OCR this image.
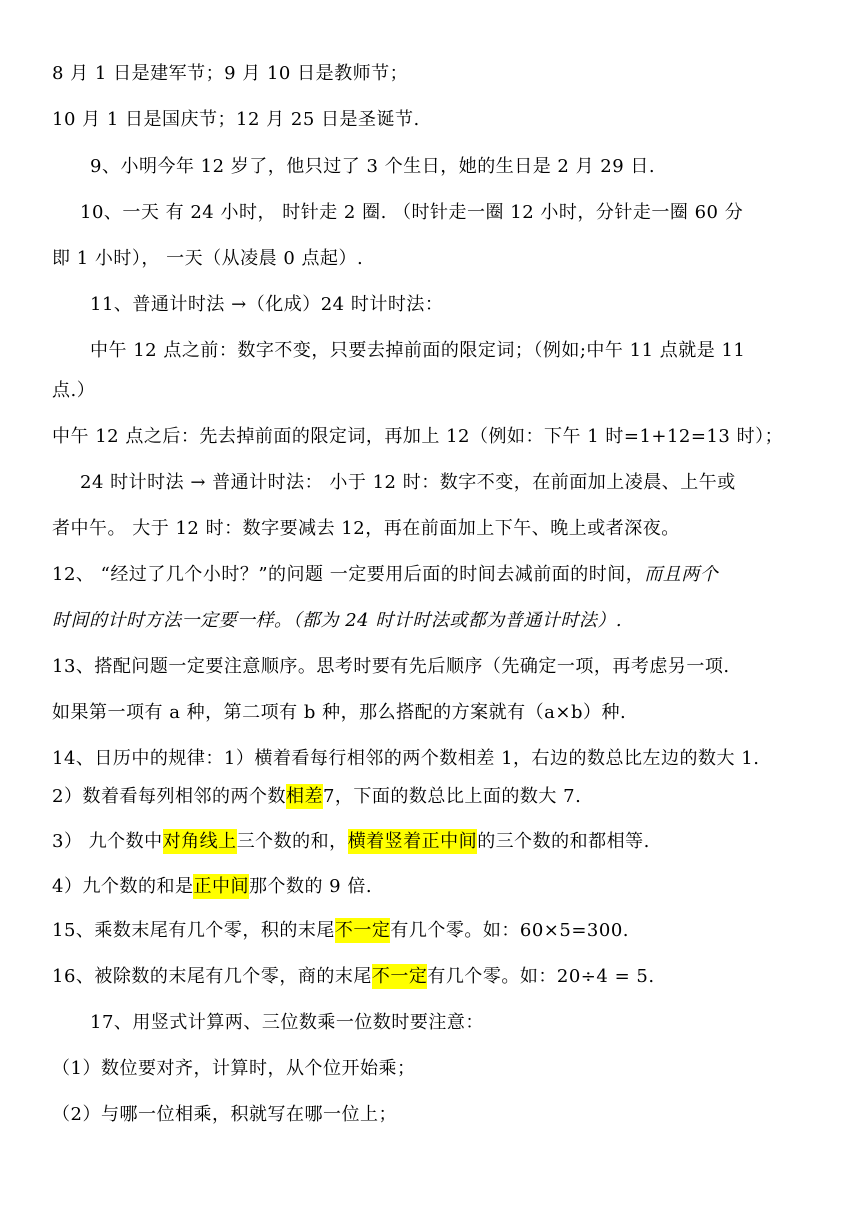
8 月 1 日是建军节；9 月 10 日是教师节；
10 月 1 日是国庆节；12 月 25 日是圣诞节.
9、小明今年 12 岁了，他只过了 3 个生日，她的生日是 2 月 29 日.
10、一天 有 24 小时， 时针走 2 圈. （时针走一圈 12 小时，分针走一圈 60 分
即 1 小时）， 一天（从凌晨 0 点起）.
11、普通计时法 →（化成）24 时计时法：
中午 12 点之前：数字不变，只要去掉前面的限定词；（例如;中午 11 点就是 11
点.）
中午 12 点之后：先去掉前面的限定词，再加上 12（例如：下午 1 时=1+12=13 时）；
24 时计时法 → 普通计时法： 小于 12 时：数字不变，在前面加上凌晨、上午或
者中午。 大于 12 时：数字要减去 12，再在前面加上下午、晚上或者深夜。
12、 “经过了几个小时？”的问题 一定要用后面的时间去减前面的时间，而且两个
时间的计时方法一定要一样。（都为 24 时计时法或都为普通计时法）.
13、搭配问题一定要注意顺序。思考时要有先后顺序（先确定一项，再考虑另一项.
如果第一项有 a 种，第二项有 b 种，那么搭配的方案就有（a×b）种.
14、日历中的规律：1）横着看每行相邻的两个数相差 1，右边的数总比左边的数大 1.
2）数着看每列相邻的两个数相差7，下面的数总比上面的数大 7.
3） 九个数中对角线上三个数的和，横着竖着正中间的三个数的和都相等.
4）九个数的和是正中间那个数的 9 倍.
15、乘数末尾有几个零，积的末尾不一定有几个零。如：60×5=300.
16、被除数的末尾有几个零，商的末尾不一定有几个零。如：20÷4 = 5.
17、用竖式计算两、三位数乘一位数时要注意：
（1）数位要对齐，计算时，从个位开始乘；
（2）与哪一位相乘，积就写在哪一位上；
